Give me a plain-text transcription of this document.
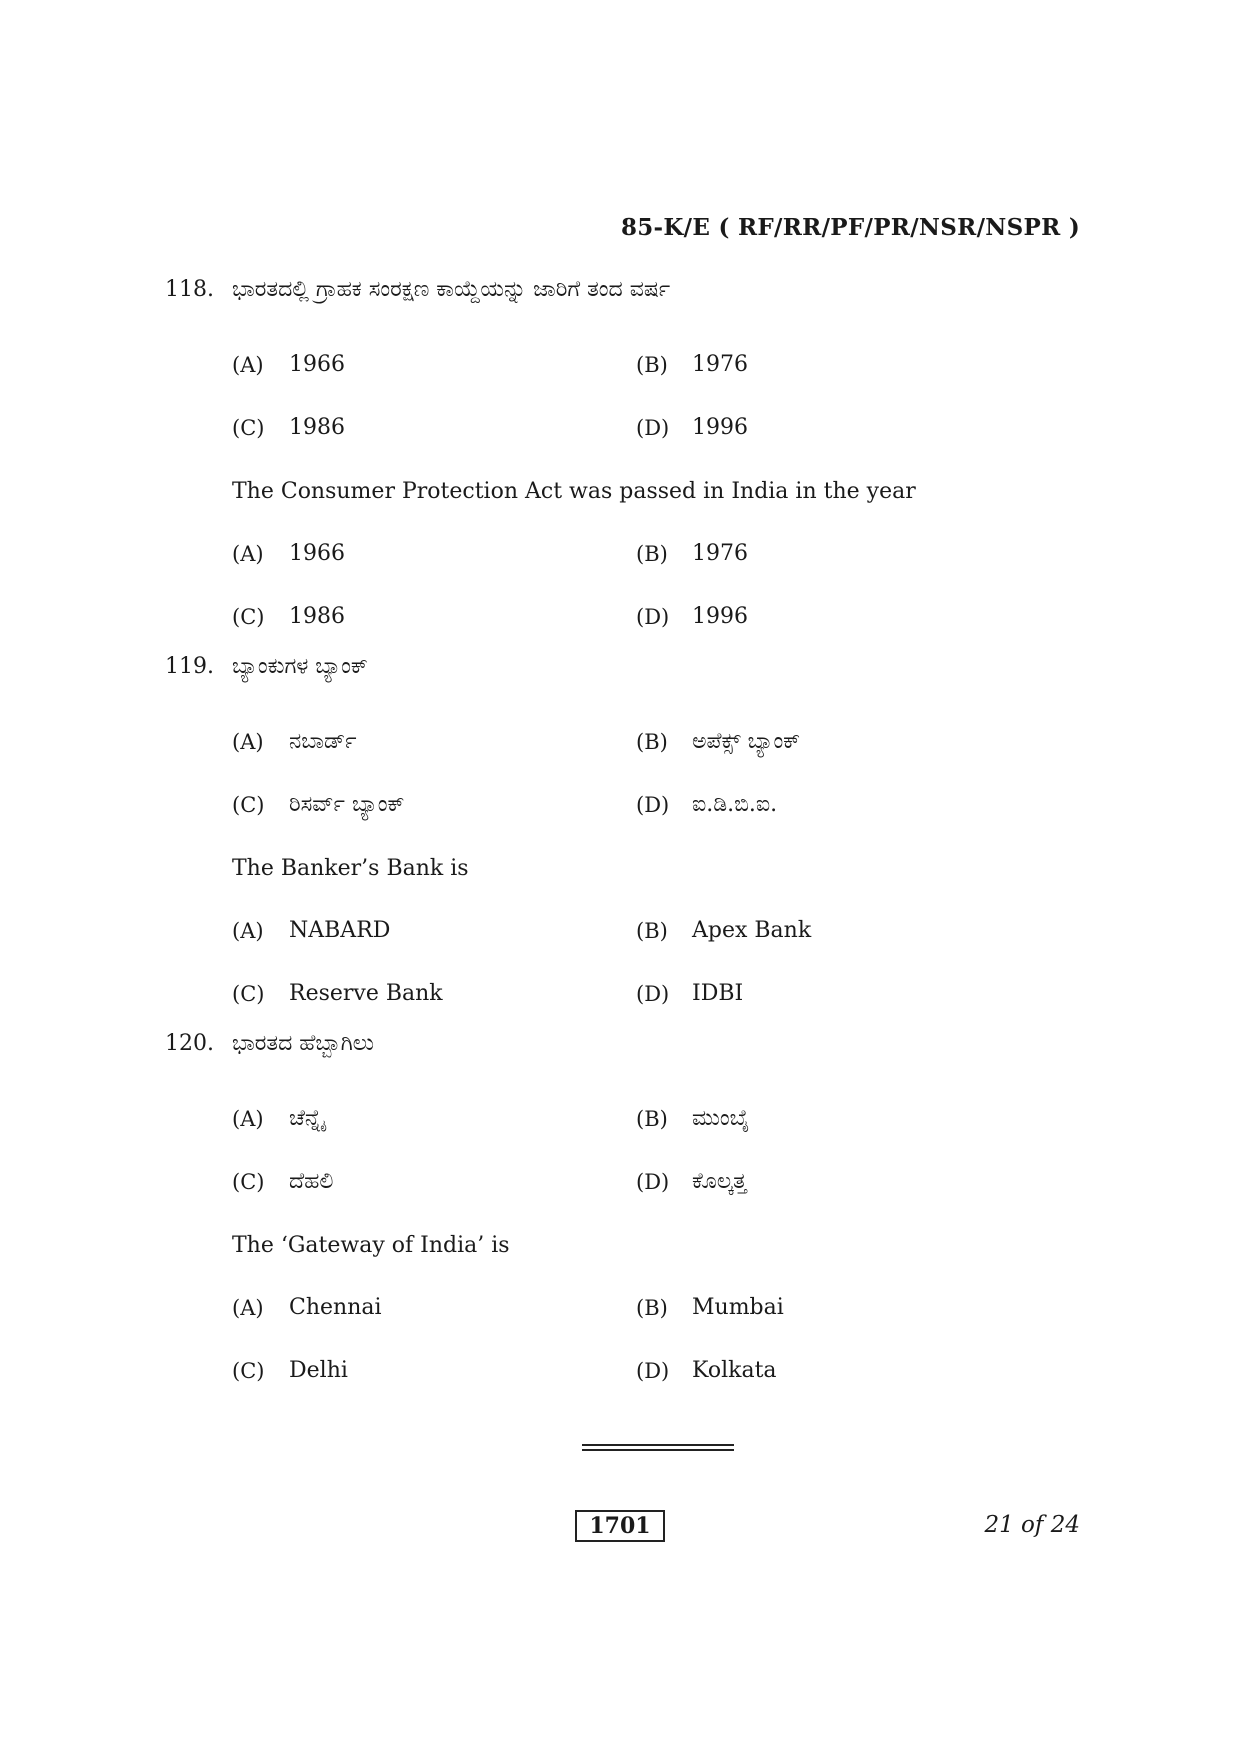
85-K/E ( RF/RR/PF/PR/NSR/NSPR )
118. ಭಾರತದಲ್ಲಿ ಗ್ರಾಹಕ ಸಂರಕ್ಷಣ ಕಾಯ್ದೆಯನ್ನು ಜಾರಿಗೆ ತಂದ ವರ್ಷ
(A) 1966	(B) 1976
(C) 1986	(D) 1996
The Consumer Protection Act was passed in India in the year
(A) 1966	(B) 1976
(C) 1986	(D) 1996
119. ಬ್ಯಾಂಕುಗಳ ಬ್ಯಾಂಕ್
(A) ನಬಾರ್ಡ್	(B) ಅಪೆಕ್ಸ್ ಬ್ಯಾಂಕ್
(C) ರಿಸರ್ವ್ ಬ್ಯಾಂಕ್	(D) ಐ.ಡಿ.ಬಿ.ಐ.
The Banker’s Bank is
(A) NABARD	(B) Apex Bank
(C) Reserve Bank	(D) IDBI
120. ಭಾರತದ ಹೆಬ್ಬಾಗಿಲು
(A) ಚೆನ್ನೈ	(B) ಮುಂಬೈ
(C) ದೆಹಲಿ	(D) ಕೊಲ್ಕತ್ತ
The ‘Gateway of India’ is
(A) Chennai	(B) Mumbai
(C) Delhi	(D) Kolkata
1701	21 of 24
